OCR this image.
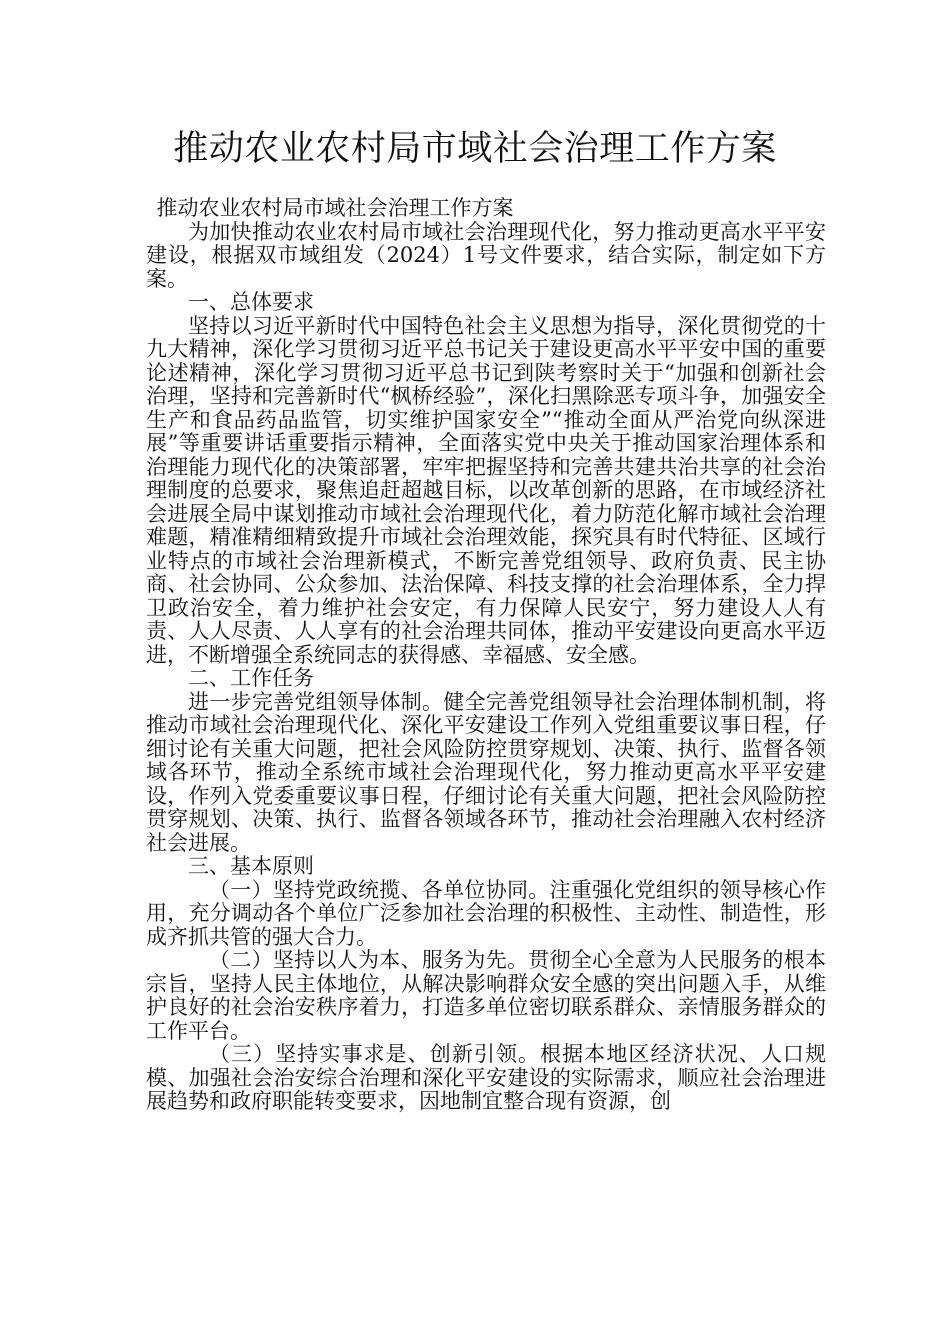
推动农业农村局市域社会治理工作方案

推动农业农村局市域社会治理工作方案

为加快推动农业农村局市域社会治理现代化，努力推动更高水平平安建设，根据双市域组发（2024）1号文件要求，结合实际，制定如下方案。

一、总体要求

坚持以习近平新时代中国特色社会主义思想为指导，深化贯彻党的十九大精神，深化学习贯彻习近平总书记关于建设更高水平平安中国的重要论述精神，深化学习贯彻习近平总书记到陕考察时关于“加强和创新社会治理，坚持和完善新时代“枫桥经验”，深化扫黑除恶专项斗争，加强安全生产和食品药品监管，切实维护国家安全”“推动全面从严治党向纵深进展”等重要讲话重要指示精神，全面落实党中央关于推动国家治理体系和治理能力现代化的决策部署，牢牢把握坚持和完善共建共治共享的社会治理制度的总要求，聚焦追赶超越目标，以改革创新的思路，在市域经济社会进展全局中谋划推动市域社会治理现代化，着力防范化解市域社会治理难题，精准精细精致提升市域社会治理效能，探究具有时代特征、区域行业特点的市域社会治理新模式，不断完善党组领导、政府负责、民主协商、社会协同、公众参加、法治保障、科技支撑的社会治理体系，全力捍卫政治安全，着力维护社会安定，有力保障人民安宁，努力建设人人有责、人人尽责、人人享有的社会治理共同体，推动平安建设向更高水平迈进，不断增强全系统同志的获得感、幸福感、安全感。

二、工作任务

进一步完善党组领导体制。健全完善党组领导社会治理体制机制，将推动市域社会治理现代化、深化平安建设工作列入党组重要议事日程，仔细讨论有关重大问题，把社会风险防控贯穿规划、决策、执行、监督各领域各环节，推动全系统市域社会治理现代化，努力推动更高水平平安建设，作列入党委重要议事日程，仔细讨论有关重大问题，把社会风险防控贯穿规划、决策、执行、监督各领域各环节，推动社会治理融入农村经济社会进展。

三、基本原则

（一）坚持党政统揽、各单位协同。注重强化党组织的领导核心作用，充分调动各个单位广泛参加社会治理的积极性、主动性、制造性，形成齐抓共管的强大合力。

（二）坚持以人为本、服务为先。贯彻全心全意为人民服务的根本宗旨，坚持人民主体地位，从解决影响群众安全感的突出问题入手，从维护良好的社会治安秩序着力，打造多单位密切联系群众、亲情服务群众的工作平台。

（三）坚持实事求是、创新引领。根据本地区经济状况、人口规模、加强社会治安综合治理和深化平安建设的实际需求，顺应社会治理进展趋势和政府职能转变要求，因地制宜整合现有资源，创
